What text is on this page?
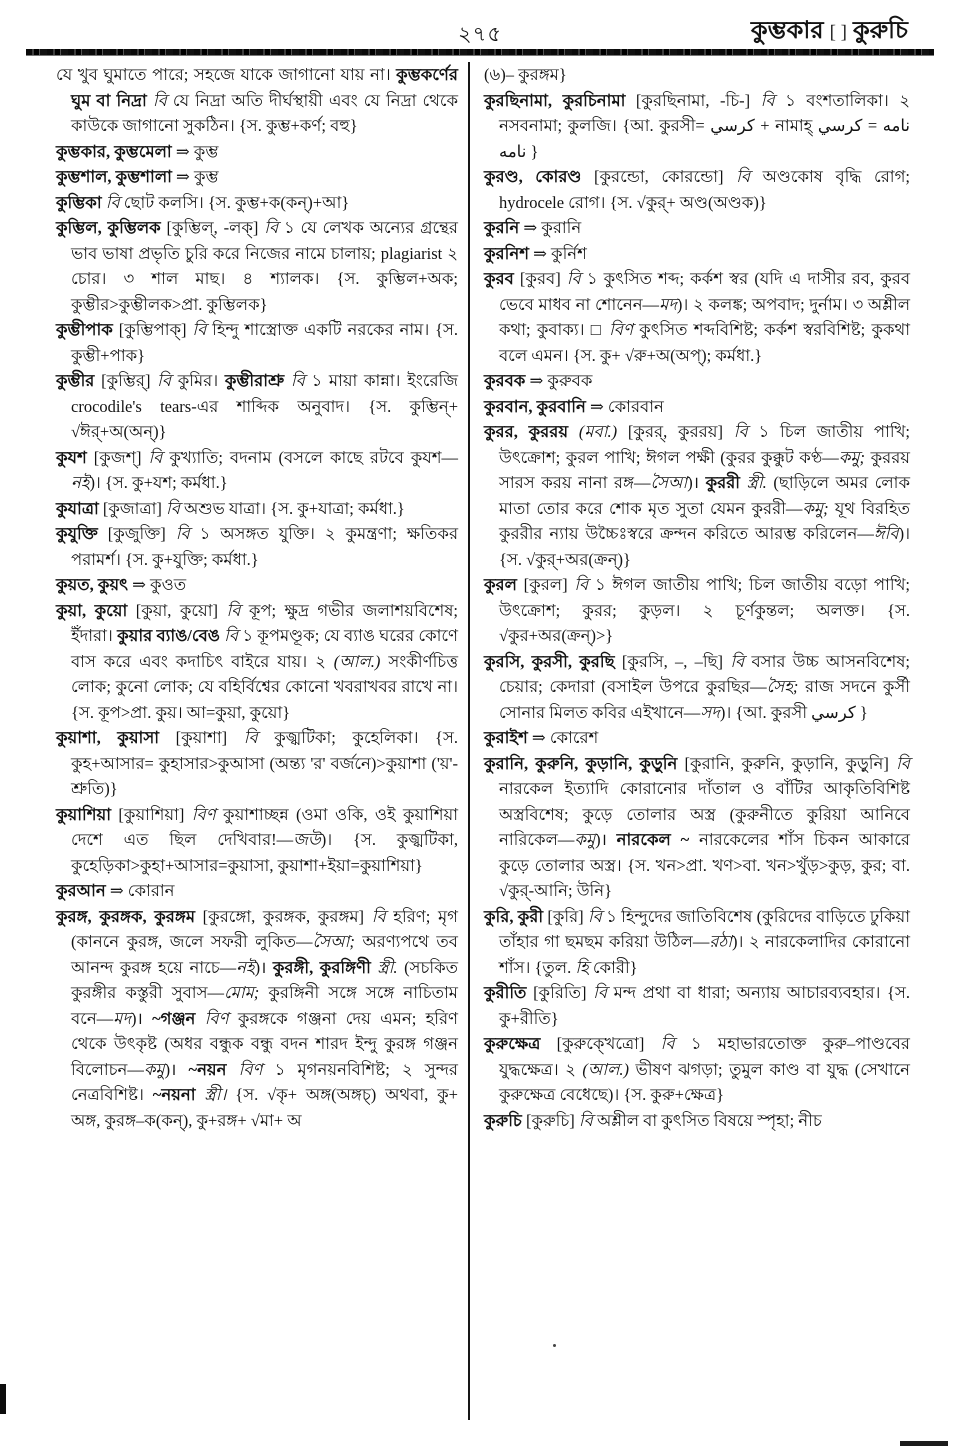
২৭৫	কুম্ভকার [ ] কুরুচি

যে খুব ঘুমাতে পারে; সহজে যাকে জাগানো যায় না। কুম্ভকর্ণের ঘুম বা নিদ্রা বি যে নিদ্রা অতি দীর্ঘস্থায়ী এবং যে নিদ্রা থেকে কাউকে জাগানো সুকঠিন। {স. কুম্ভ+কর্ণ; বহু}

কুম্ভকার, কুম্ভমেলা ⇒ কুম্ভ

কুম্ভশাল, কুম্ভশালা ⇒ কুম্ভ

কুম্ভিকা বি ছোট কলসি। {স. কুম্ভ+ক(কন্)+আ}

কুম্ভিল, কুম্ভিলক [কুম্ভিল্, -লক্] বি ১ যে লেখক অন্যের গ্রন্থের ভাব ভাষা প্রভৃতি চুরি করে নিজের নামে চালায়; plagiarist ২ চোর। ৩ শাল মাছ। ৪ শ্যালক। {স. কুম্ভিল+অক; কুম্ভীর>কুম্ভীলক>প্রা. কুম্ভিলক}

কুম্ভীপাক [কুম্ভিপাক্] বি হিন্দু শাস্ত্রোক্ত একটি নরকের নাম। {স. কুম্ভী+পাক}

কুম্ভীর [কুম্ভির্] বি কুমির। কুম্ভীরাশ্রু বি ১ মায়া কান্না। ইংরেজি crocodile's tears-এর শাব্দিক অনুবাদ। {স. কুম্ভিন্+ √ঈর্+অ(অন্)}

কুযশ [কুজশ্] বি কুখ্যাতি; বদনাম (বসলে কাছে রটবে কুযশ—নই)। {স. কু+যশ; কর্মধা.}

কুযাত্রা [কুজাত্রা] বি অশুভ যাত্রা। {স. কু+যাত্রা; কর্মধা.}

কুযুক্তি [কুজুক্তি] বি ১ অসঙ্গত যুক্তি। ২ কুমন্ত্রণা; ক্ষতিকর পরামর্শ। {স. কু+যুক্তি; কর্মধা.}

কুয়ত, কুয়ৎ ⇒ কুওত

কুয়া, কুয়ো [কুয়া, কুয়ো] বি কূপ; ক্ষুদ্র গভীর জলাশয়বিশেষ; ইঁদারা। কুয়ার ব্যাঙ/বেঙ বি ১ কূপমণ্ডূক; যে ব্যাঙ ঘরের কোণে বাস করে এবং কদাচিৎ বাইরে যায়। ২ (আল.) সংকীর্ণচিত্ত লোক; কুনো লোক; যে বহির্বিশ্বের কোনো খবরাখবর রাখে না। {স. কূপ>প্রা. কুয়। আ=কুয়া, কুয়ো}

কুয়াশা, কুয়াসা [কুয়াশা] বি কুজ্ঝটিকা; কুহেলিকা। {স. কুহ+আসার= কুহাসার>কুআসা (অন্ত্য 'র' বর্জনে)>কুয়াশা ('য়'-শ্রুতি)}

কুয়াশিয়া [কুয়াশিয়া] বিণ কুয়াশাচ্ছন্ন (ওমা ওকি, ওই কুয়াশিয়া দেশে এত ছিল দেখিবার!—জউ)। {স. কুজ্ঝটিকা, কুহেড়িকা>কুহা+আসার=কুয়াসা, কুয়াশা+ইয়া=কুয়াশিয়া}

কুরআন ⇒ কোরান

কুরঙ্গ, কুরঙ্গক, কুরঙ্গম [কুরঙ্গো, কুরঙ্গক, কুরঙ্গম] বি হরিণ; মৃগ (কাননে কুরঙ্গ, জলে সফরী লুকিত—সৈআ; অরণ্যপথে তব আনন্দ কুরঙ্গ হয়ে নাচে—নই)। কুরঙ্গী, কুরঙ্গিণী স্ত্রী. (সচকিত কুরঙ্গীর কস্তুরী সুবাস—মোম; কুরঙ্গিনী সঙ্গে সঙ্গে নাচিতাম বনে—মদ)। ~গঞ্জন বিণ কুরঙ্গকে গঞ্জনা দেয় এমন; হরিণ থেকে উৎকৃষ্ট (অধর বন্ধুক বন্ধু বদন শারদ ইন্দু কুরঙ্গ গঞ্জন বিলোচন—কমু)। ~নয়ন বিণ ১ মৃগনয়নবিশিষ্ট; ২ সুন্দর নেত্রবিশিষ্ট। ~নয়না স্ত্রী। {স. √কৃ+ অঙ্গ(অঙ্গচ্) অথবা, কু+ অঙ্গ, কুরঙ্গ–ক(কন্), কু+রঙ্গ+ √মা+ অ

(৬)– কুরঙ্গম}

কুরছিনামা, কুরচিনামা [কুরছিনামা, -চি-] বি ১ বংশতালিকা। ২ নসবনামা; কুলজি। {আ. কুরসী= كرسي + নামাহ্ نامه = كرسي نامه }

কুরণ্ড, কোরণ্ড [কুরন্ডো, কোরন্ডো] বি অণ্ডকোষ বৃদ্ধি রোগ; hydrocele রোগ। {স. √কুর্+ অণ্ড(অণ্ডক)}

কুরনি ⇒ কুরানি

কুরনিশ ⇒ কুর্নিশ

কুরব [কুরব] বি ১ কুৎসিত শব্দ; কর্কশ স্বর (যদি এ দাসীর রব, কুরব ভেবে মাধব না শোনেন—মদ)। ২ কলঙ্ক; অপবাদ; দুর্নাম। ৩ অশ্লীল কথা; কুবাক্য। □ বিণ কুৎসিত শব্দবিশিষ্ট; কর্কশ স্বরবিশিষ্ট; কুকথা বলে এমন। {স. কু+ √রু+অ(অপ্); কর্মধা.}

কুরবক ⇒ কুরুবক

কুরবান, কুরবানি ⇒ কোরবান

কুরর, কুররয় (মবা.) [কুরর্, কুররয়] বি ১ চিল জাতীয় পাখি; উৎক্রোশ; কুরল পাখি; ঈগল পক্ষী (কুরর কুক্কুট কণ্ঠ—কমু; কুররয় সারস করয় নানা রঙ্গ—সৈআ)। কুররী স্ত্রী. (ছাড়িলে অমর লোক মাতা তোর করে শোক মৃত সুতা যেমন কুররী—কমু; যূথ বিরহিত কুররীর ন্যায় উচ্চৈঃস্বরে ক্রন্দন করিতে আরম্ভ করিলেন—ঈবি)। {স. √কুর্+অর(ক্রন্)}

কুরল [কুরল] বি ১ ঈগল জাতীয় পাখি; চিল জাতীয় বড়ো পাখি; উৎক্রোশ; কুরর; কুড়ল। ২ চূর্ণকুন্তল; অলক্ত। {স. √কুর+অর(ক্রন্)>}

কুরসি, কুরসী, কুরছি [কুরসি, –, –ছি] বি বসার উচ্চ আসনবিশেষ; চেয়ার; কেদারা (বসাইল উপরে কুরছির—সৈহ; রাজ সদনে কুর্সী সোনার মিলত কবির এইখানে—সদ)। {আ. কুরসী كرسي }

কুরাইশ ⇒ কোরেশ

কুরানি, কুরুনি, কুড়ানি, কুড়ুনি [কুরানি, কুরুনি, কুড়ানি, কুড়ুনি] বি নারকেল ইত্যাদি কোরানোর দাঁতাল ও বাঁটির আকৃতিবিশিষ্ট অস্ত্রবিশেষ; কুড়ে তোলার অস্ত্র (কুরুনীতে কুরিয়া আনিবে নারিকেল—কমু)। নারকেল ~ নারকেলের শাঁস চিকন আকারে কুড়ে তোলার অস্ত্র। {স. খন>প্রা. খণ>বা. খন>খুঁড়>কুড়, কুর; বা. √কুর্-আনি; উনি}

কুরি, কুরী [কুরি] বি ১ হিন্দুদের জাতিবিশেষ (কুরিদের বাড়িতে ঢুকিয়া তাঁহার গা ছমছম করিয়া উঠিল—রঠা)। ২ নারকেলাদির কোরানো শাঁস। {তুল. হি কোরী}

কুরীতি [কুরিতি] বি মন্দ প্রথা বা ধারা; অন্যায় আচারব্যবহার। {স. কু+রীতি}

কুরুক্ষেত্র [কুরুক্খেত্রো] বি ১ মহাভারতোক্ত কুরু–পাণ্ডবের যুদ্ধক্ষেত্র। ২ (আল.) ভীষণ ঝগড়া; তুমুল কাণ্ড বা যুদ্ধ (সেখানে কুরুক্ষেত্র বেধেছে)। {স. কুরু+ক্ষেত্র}

কুরুচি [কুরুচি] বি অশ্লীল বা কুৎসিত বিষয়ে স্পৃহা; নীচ
